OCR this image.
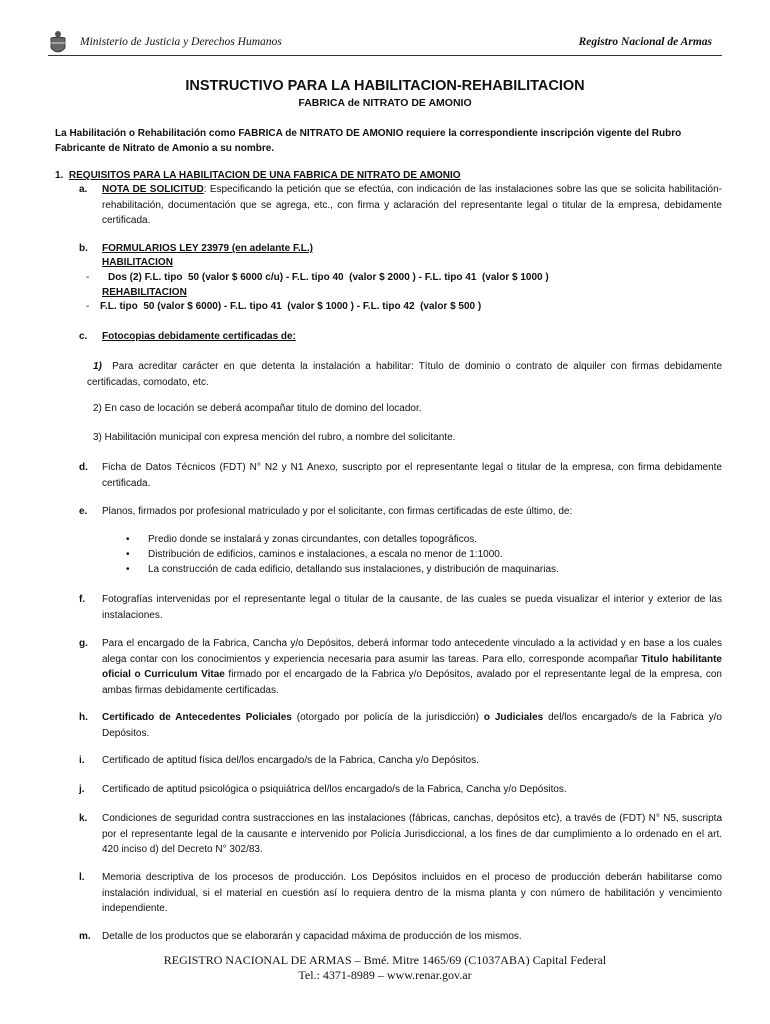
Ministerio de Justicia y Derechos Humanos	Registro Nacional de Armas
INSTRUCTIVO PARA LA HABILITACION-REHABILITACION
FABRICA de NITRATO DE AMONIO
La Habilitación o Rehabilitación como FABRICA de NITRATO DE AMONIO requiere la correspondiente inscripción vigente del Rubro Fabricante de Nitrato de Amonio a su nombre.
1. REQUISITOS PARA LA HABILITACION DE UNA FABRICA DE NITRATO DE AMONIO
a. NOTA DE SOLICITUD: Especificando la petición que se efectúa, con indicación de las instalaciones sobre las que se solicita habilitación-rehabilitación, documentación que se agrega, etc., con firma y aclaración del representante legal o titular de la empresa, debidamente certificada.
b. FORMULARIOS LEY 23979 (en adelante F.L.)
HABILITACION
- Dos (2) F.L. tipo  50 (valor $ 6000 c/u) - F.L. tipo 40  (valor $ 2000 ) - F.L. tipo 41  (valor $ 1000 )
REHABILITACION
- F.L. tipo  50 (valor $ 6000) - F.L. tipo 41  (valor $ 1000 ) - F.L. tipo 42  (valor $ 500 )
c. Fotocopias debidamente certificadas de:
1) Para acreditar carácter en que detenta la instalación a habilitar: Título de dominio o contrato de alquiler con firmas debidamente certificadas, comodato, etc.
2) En caso de locación se deberá acompañar titulo de domino del locador.
3) Habilitación municipal con expresa mención del rubro, a nombre del solicitante.
d. Ficha de Datos Técnicos (FDT) N° N2 y N1 Anexo, suscripto por el representante legal o titular de la empresa, con firma debidamente certificada.
e. Planos, firmados por profesional matriculado y por el solicitante, con firmas certificadas de este último, de:
• Predio donde se instalará y zonas circundantes, con detalles topográficos.
• Distribución de edificios, caminos e instalaciones, a escala no menor de 1:1000.
• La construcción de cada edificio, detallando sus instalaciones, y distribución de maquinarias.
f. Fotografías intervenidas por el representante legal o titular de la causante, de las cuales se pueda visualizar el interior y exterior de las instalaciones.
g. Para el encargado de la Fabrica, Cancha y/o Depósitos, deberá informar todo antecedente vinculado a la actividad y en base a los cuales alega contar con los conocimientos y experiencia necesaria para asumir las tareas. Para ello, corresponde acompañar Titulo habilitante oficial o Curriculum Vitae firmado por el encargado de la Fabrica y/o Depósitos, avalado por el representante legal de la empresa, con ambas firmas debidamente certificadas.
h. Certificado de Antecedentes Policiales (otorgado por policía de la jurisdicción) o Judiciales del/los encargado/s de la Fabrica y/o Depósitos.
i. Certificado de aptitud física del/los encargado/s de la Fabrica, Cancha y/o Depósitos.
j. Certificado de aptitud psicológica o psiquiátrica del/los encargado/s de la Fabrica, Cancha y/o Depósitos.
k. Condiciones de seguridad contra sustracciones en las instalaciones (fábricas, canchas, depósitos etc), a través de (FDT) N° N5, suscripta por el representante legal de la causante e intervenido por Policía Jurisdiccional, a los fines de dar cumplimiento a lo ordenado en el art. 420 inciso d) del Decreto N° 302/83.
l. Memoria descriptiva de los procesos de producción. Los Depósitos incluidos en el proceso de producción deberán habilitarse como instalación individual, si el material en cuestión así lo requiera dentro de la misma planta y con número de habilitación y vencimiento independiente.
m. Detalle de los productos que se elaborarán y capacidad máxima de producción de los mismos.
REGISTRO NACIONAL DE ARMAS – Bmé. Mitre 1465/69 (C1037ABA) Capital Federal
Tel.: 4371-8989 – www.renar.gov.ar
